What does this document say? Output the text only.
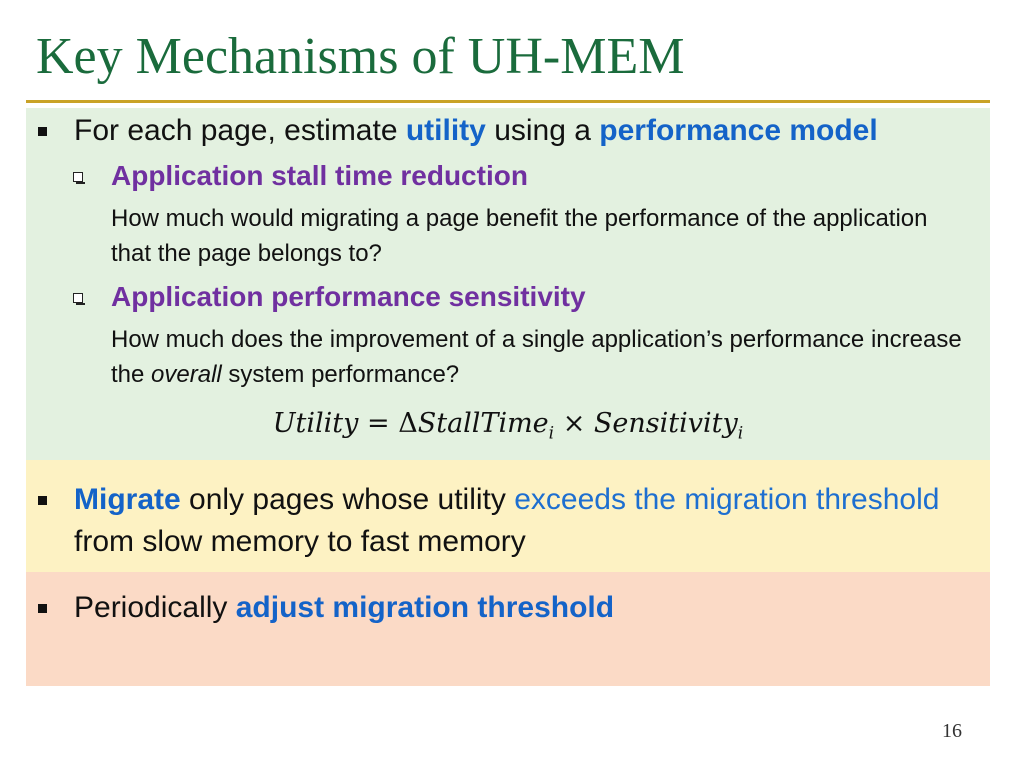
Key Mechanisms of UH-MEM
For each page, estimate utility using a performance model
Application stall time reduction
How much would migrating a page benefit the performance of the application that the page belongs to?
Application performance sensitivity
How much does the improvement of a single application’s performance increase the overall system performance?
Utility = ΔStallTime$_i$ × Sensitivity$_i$
Migrate only pages whose utility exceeds the migration threshold from slow memory to fast memory
Periodically adjust migration threshold
16
